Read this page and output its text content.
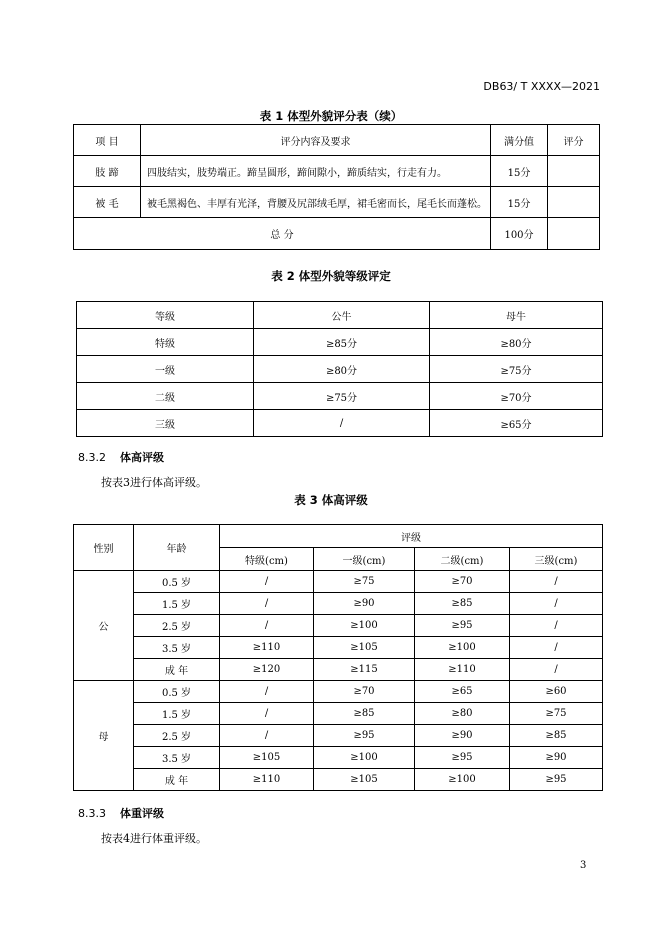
DB63/ T XXXX—2021
表 1 体型外貌评分表（续）
项 目	评分内容及要求	满分值	评分
肢 蹄	四肢结实，肢势端正。蹄呈圆形，蹄间隙小，蹄质结实，行走有力。	15分	
被 毛	被毛黑褐色、丰厚有光泽，背腰及尻部绒毛厚，裙毛密而长，尾毛长而蓬松。	15分	
总 分		100分	
表 2 体型外貌等级评定
等级	公牛	母牛
特级	≥85分	≥80分
一级	≥80分	≥75分
二级	≥75分	≥70分
三级	/	≥65分
8.3.2 体高评级
按表3进行体高评级。
表 3 体高评级
性别	年龄	评级			
		特级(cm)	一级(cm)	二级(cm)	三级(cm)
公	0.5 岁	/	≥75	≥70	/
	1.5 岁	/	≥90	≥85	/
	2.5 岁	/	≥100	≥95	/
	3.5 岁	≥110	≥105	≥100	/
	成 年	≥120	≥115	≥110	/
母	0.5 岁	/	≥70	≥65	≥60
	1.5 岁	/	≥85	≥80	≥75
	2.5 岁	/	≥95	≥90	≥85
	3.5 岁	≥105	≥100	≥95	≥90
	成 年	≥110	≥105	≥100	≥95
8.3.3 体重评级
按表4进行体重评级。
3
